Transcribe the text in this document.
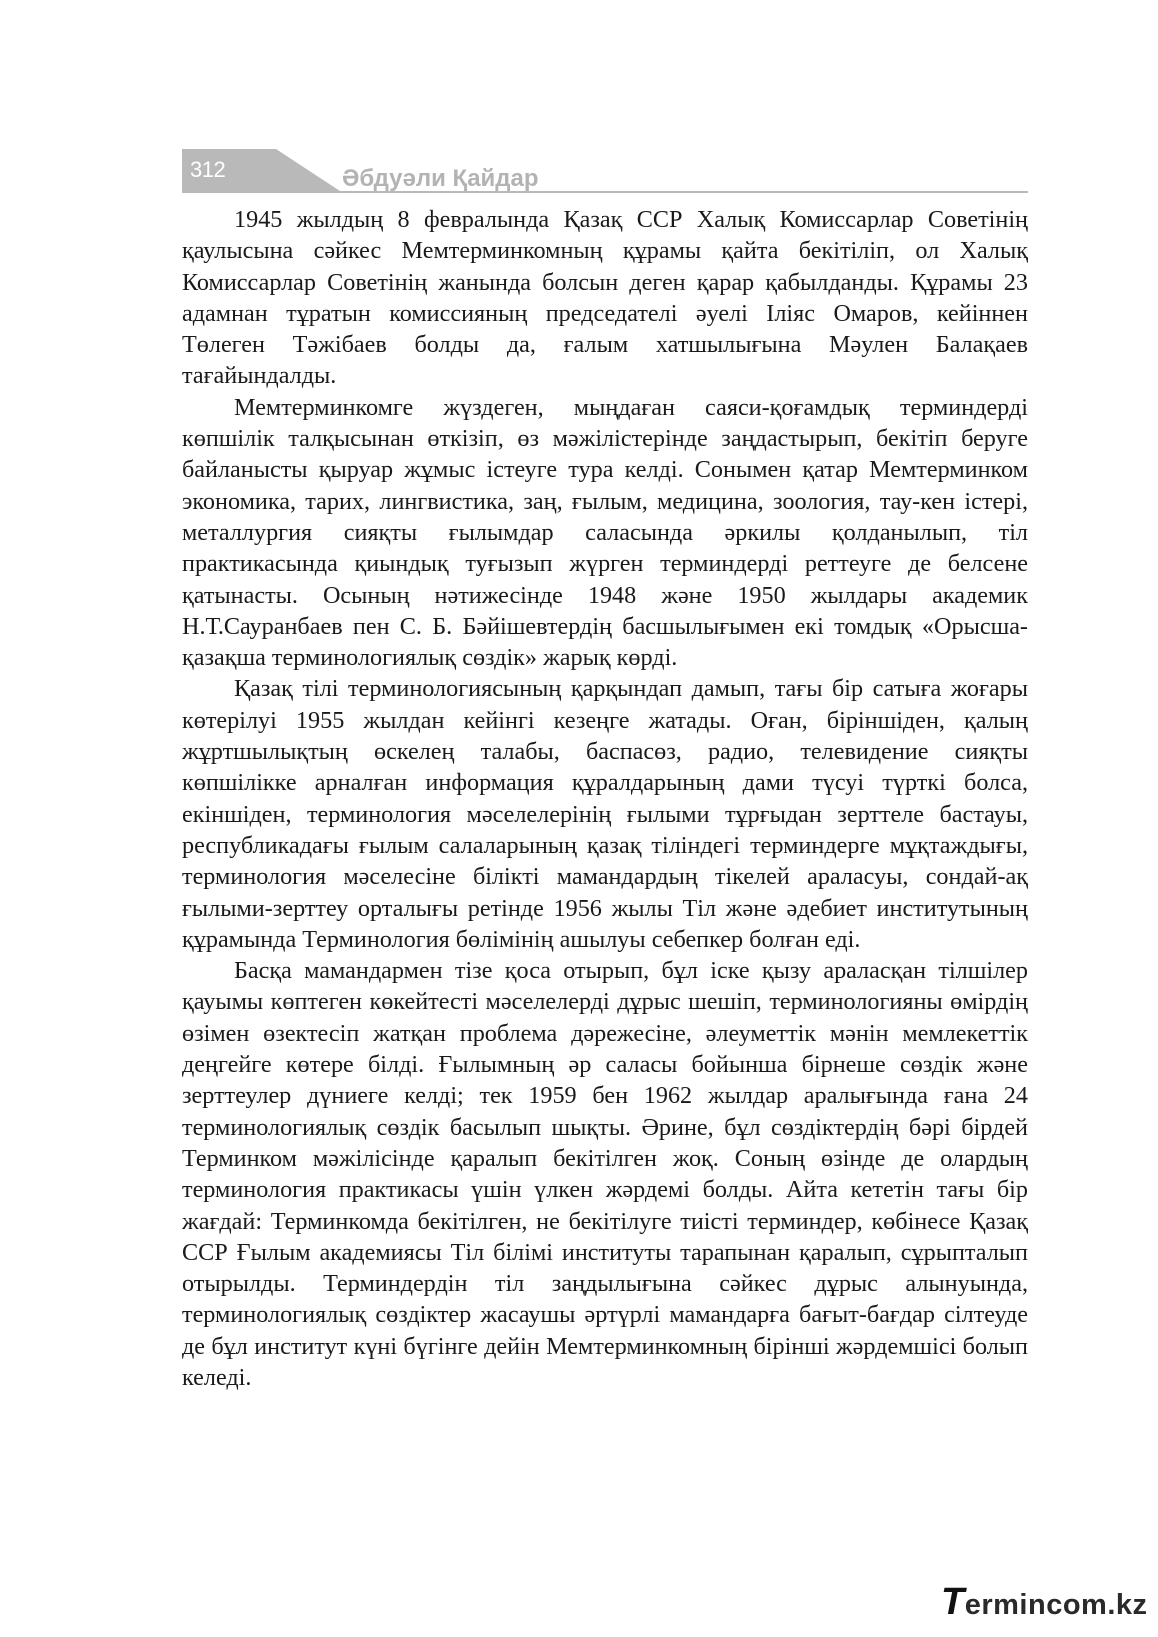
312	Әбдуәли Қайдар

1945 жылдың 8 февралында Қазақ ССР Халық Комиссарлар Советінің қаулысына сәйкес Мемтерминкомның құрамы қайта бекітіліп, ол Халық Комиссарлар Советінің жанында болсын деген қарар қабылданды. Құрамы 23 адамнан тұратын комиссияның председателі әуелі Іліяс Омаров, кейіннен Төлеген Тәжібаев болды да, ғалым хатшылығына Мәулен Балақаев тағайындалды.

Мемтерминкомге жүздеген, мыңдаған саяси-қоғамдық терминдерді көпшілік талқысынан өткізіп, өз мәжілістерінде заңдастырып, бекітіп беруге байланысты қыруар жұмыс істеуге тура келді. Сонымен қатар Мемтерминком экономика, тарих, лингвистика, заң, ғылым, медицина, зоология, тау-кен істері, металлургия сияқты ғылымдар саласында әркилы қолданылып, тіл практикасында қиындық туғызып жүрген терминдерді реттеуге де белсене қатынасты. Осының нәтижесінде 1948 және 1950 жылдары академик Н.Т.Сауранбаев пен С. Б. Бәйішевтердің басшылығымен екі томдық «Орысша-қазақша терминологиялық сөздік» жарық көрді.

Қазақ тілі терминологиясының қарқындап дамып, тағы бір сатыға жоғары көтерілуі 1955 жылдан кейінгі кезеңге жатады. Оған, біріншіден, қалың жұртшылықтың өскелең талабы, баспасөз, радио, телевидение сияқты көпшілікке арналған информация құралдарының дами түсуі түрткі болса, екіншіден, терминология мәселелерінің ғылыми тұрғыдан зерттеле бастауы, республикадағы ғылым салаларының қазақ тіліндегі терминдерге мұқтаждығы, терминология мәселесіне білікті мамандардың тікелей араласуы, сондай-ақ ғылыми-зерттеу орталығы ретінде 1956 жылы Тіл және әдебиет институтының құрамында Терминология бөлімінің ашылуы себепкер болған еді.

Басқа мамандармен тізе қоса отырып, бұл іске қызу араласқан тілшілер қауымы көптеген көкейтесті мәселелерді дұрыс шешіп, терминологияны өмірдің өзімен өзектесіп жатқан проблема дәрежесіне, әлеуметтік мәнін мемлекеттік деңгейге көтере білді. Ғылымның әр саласы бойынша бірнеше сөздік және зерттеулер дүниеге келді; тек 1959 бен 1962 жылдар аралығында ғана 24 терминологиялық сөздік басылып шықты. Әрине, бұл сөздіктердің бәрі бірдей Терминком мәжілісінде қаралып бекітілген жоқ. Соның өзінде де олардың терминология практикасы үшін үлкен жәрдемі болды. Айта кететін тағы бір жағдай: Терминкомда бекітілген, не бекітілуге тиісті терминдер, көбінесе Қазақ ССР Ғылым академиясы Тіл білімі институты тарапынан қаралып, сұрыпталып отырылды. Терминдердін тіл заңдылығына сәйкес дұрыс алынуында, терминологиялық сөздіктер жасаушы әртүрлі мамандарға бағыт-бағдар сілтеуде де бұл институт күні бүгінге дейін Мемтерминкомның бірінші жәрдемшісі болып келеді.

Termincom.kz
